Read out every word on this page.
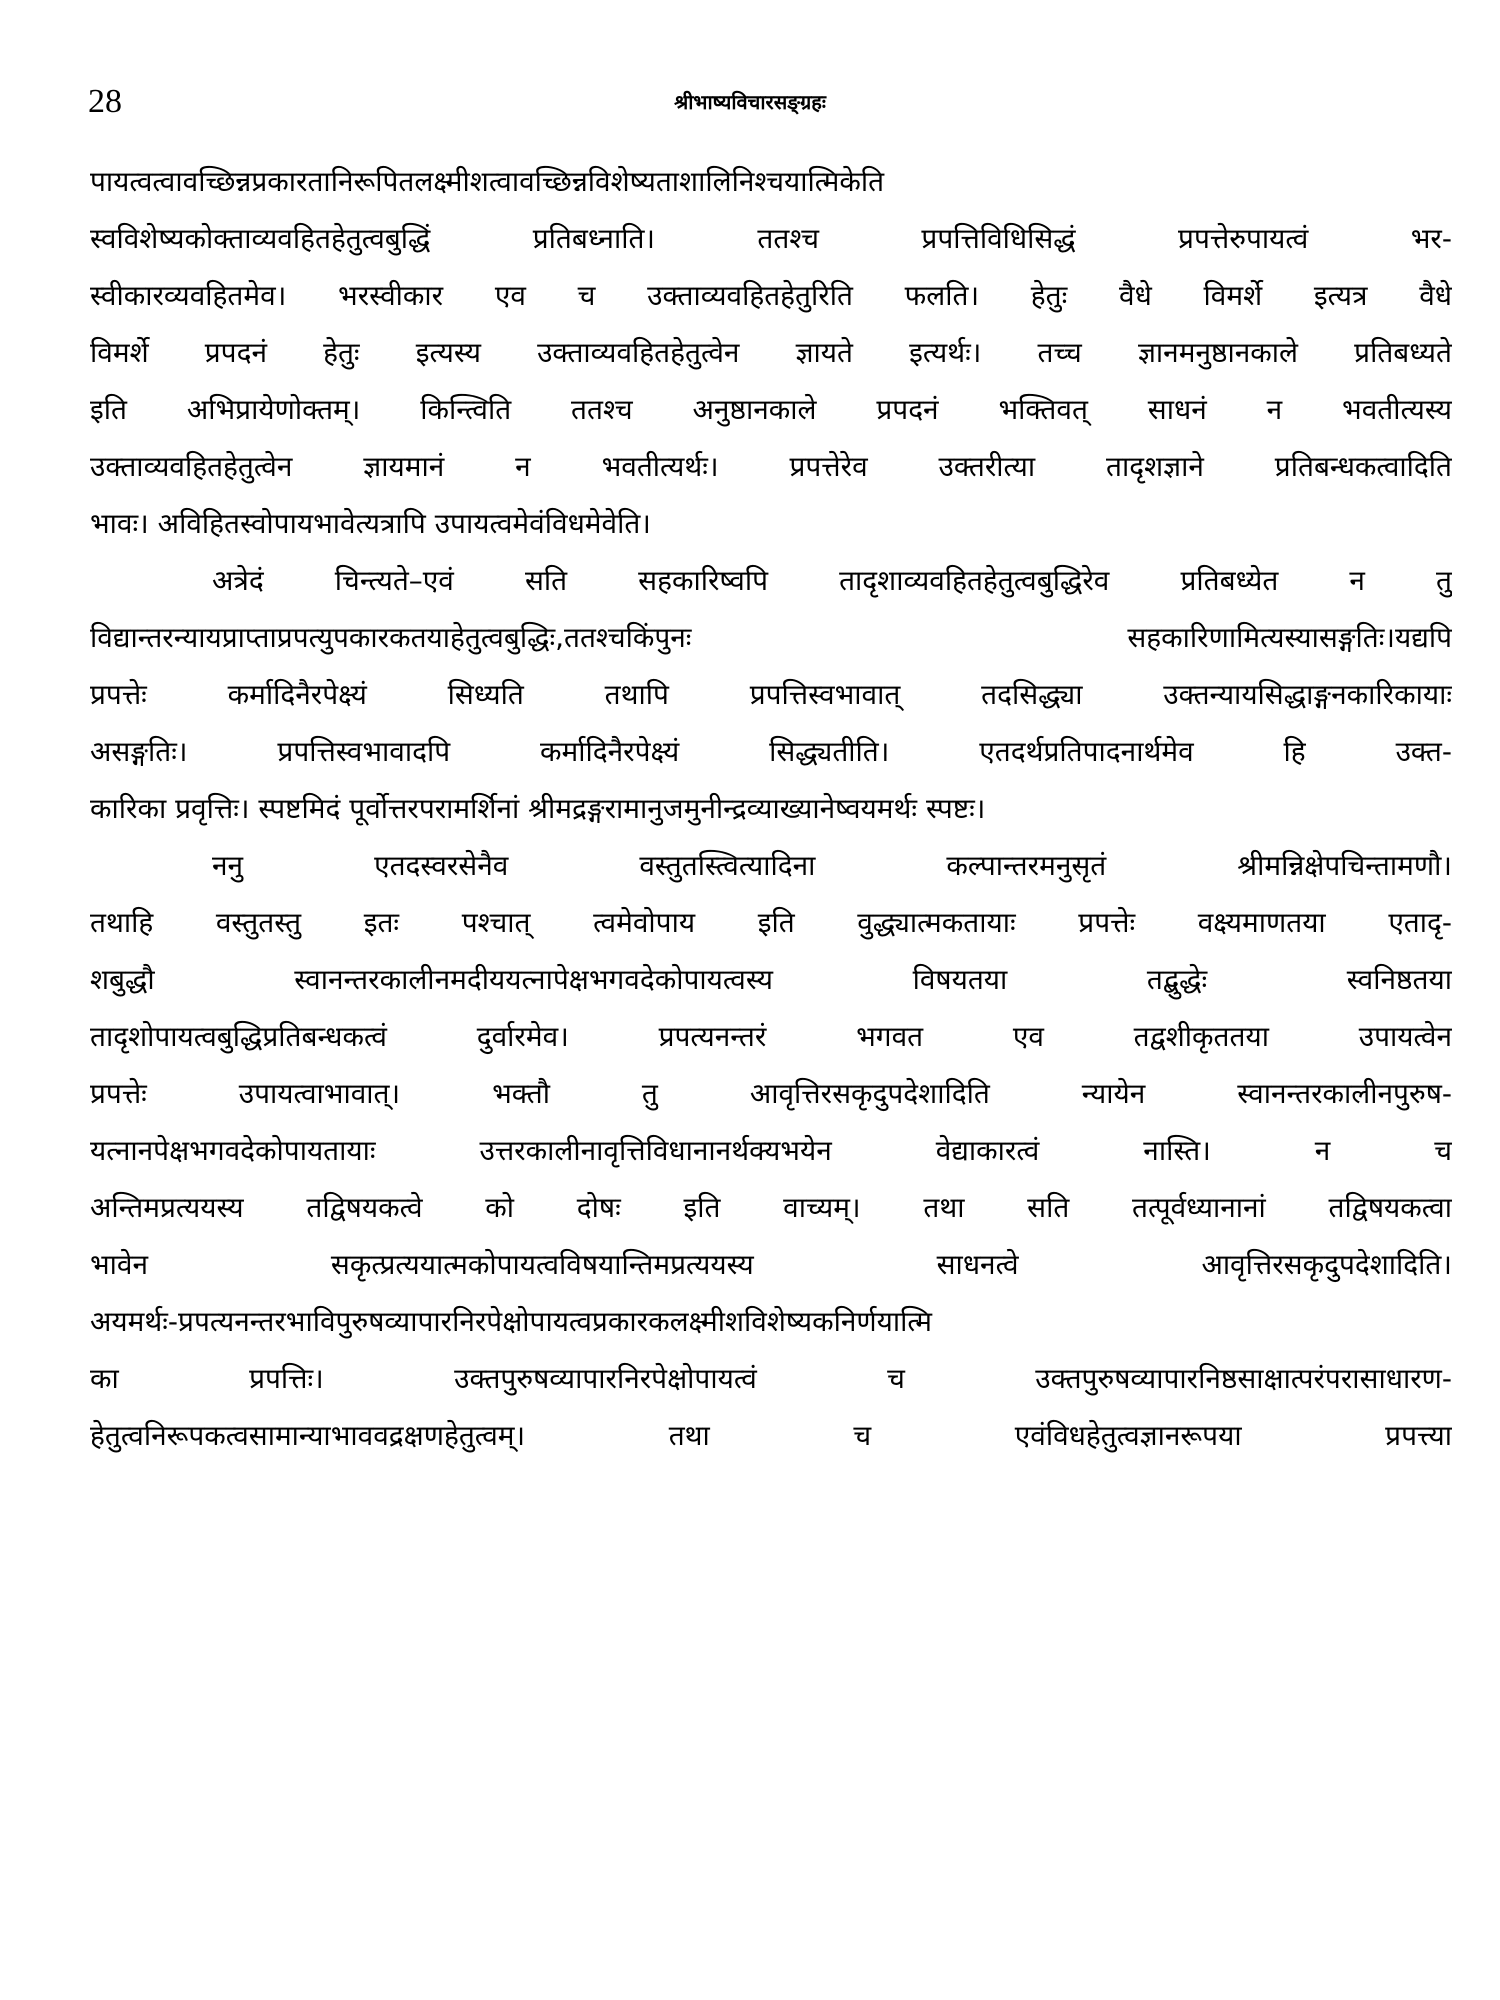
28	श्रीभाष्यविचारसङ्ग्रहः
पायत्वत्वावच्छिन्नप्रकारतानिरूपितलक्ष्मीशत्वावच्छिन्नविशेष्यताशालिनिश्चयात्मिकेति
स्वविशेष्यकोक्ताव्यवहितहेतुत्वबुद्धिं प्रतिबध्नाति। ततश्च प्रपत्तिविधिसिद्धं प्रपत्तेरुपायत्वं भर-
स्वीकारव्यवहितमेव। भरस्वीकार एव च उक्ताव्यवहितहेतुरिति फलति। हेतुः वैधे विमर्शे इत्यत्र वैधे
विमर्शे प्रपदनं हेतुः इत्यस्य उक्ताव्यवहितहेतुत्वेन ज्ञायते इत्यर्थः। तच्च ज्ञानमनुष्ठानकाले प्रतिबध्यते
इति अभिप्रायेणोक्तम्। किन्त्विति ततश्च अनुष्ठानकाले प्रपदनं भक्तिवत् साधनं न भवतीत्यस्य
उक्ताव्यवहितहेतुत्वेन ज्ञायमानं न भवतीत्यर्थः। प्रपत्तेरेव उक्तरीत्या तादृशज्ञाने प्रतिबन्धकत्वादिति
भावः। अविहितस्वोपायभावेत्यत्रापि उपायत्वमेवंविधमेवेति।
अत्रेदं चिन्त्यते–एवं सति सहकारिष्वपि तादृशाव्यवहितहेतुत्वबुद्धिरेव प्रतिबध्येत न तु
विद्यान्तरन्यायप्राप्ताप्रपत्युपकारकतयाहेतुत्वबुद्धिः,ततश्चकिंपुनः सहकारिणामित्यस्यासङ्गतिः।यद्यपि
प्रपत्तेः कर्मादिनैरपेक्ष्यं सिध्यति तथापि प्रपत्तिस्वभावात् तदसिद्ध्या उक्तन्यायसिद्धाङ्गनकारिकायाः
असङ्गतिः। प्रपत्तिस्वभावादपि कर्मादिनैरपेक्ष्यं सिद्ध्यतीति। एतदर्थप्रतिपादनार्थमेव हि उक्त-
कारिका प्रवृत्तिः। स्पष्टमिदं पूर्वोत्तरपरामर्शिनां श्रीमद्रङ्गरामानुजमुनीन्द्रव्याख्यानेष्वयमर्थः स्पष्टः।
ननु एतदस्वरसेनैव वस्तुतस्त्वित्यादिना कल्पान्तरमनुसृतं श्रीमन्निक्षेपचिन्तामणौ।
तथाहि वस्तुतस्तु इतः पश्चात् त्वमेवोपाय इति वुद्ध्यात्मकतायाः प्रपत्तेः वक्ष्यमाणतया एतादृ-
शबुद्धौ स्वानन्तरकालीनमदीययत्नापेक्षभगवदेकोपायत्वस्य विषयतया तद्बुद्धेः स्वनिष्ठतया
तादृशोपायत्वबुद्धिप्रतिबन्धकत्वं दुर्वारमेव। प्रपत्यनन्तरं भगवत एव तद्वशीकृततया उपायत्वेन
प्रपत्तेः उपायत्वाभावात्। भक्तौ तु आवृत्तिरसकृदुपदेशादिति न्यायेन स्वानन्तरकालीनपुरुष-
यत्नानपेक्षभगवदेकोपायतायाः उत्तरकालीनावृत्तिविधानानर्थक्यभयेन वेद्याकारत्वं नास्ति। न च
अन्तिमप्रत्ययस्य तद्विषयकत्वे को दोषः इति वाच्यम्। तथा सति तत्पूर्वध्यानानां तद्विषयकत्वा
भावेन सकृत्प्रत्ययात्मकोपायत्वविषयान्तिमप्रत्ययस्य साधनत्वे आवृत्तिरसकृदुपदेशादिति।
अयमर्थः-प्रपत्यनन्तरभाविपुरुषव्यापारनिरपेक्षोपायत्वप्रकारकलक्ष्मीशविशेष्यकनिर्णयात्मि
का प्रपत्तिः। उक्तपुरुषव्यापारनिरपेक्षोपायत्वं च उक्तपुरुषव्यापारनिष्ठसाक्षात्परंपरासाधारण-
हेतुत्वनिरूपकत्वसामान्याभाववद्रक्षणहेतुत्वम्। तथा च एवंविधहेतुत्वज्ञानरूपया प्रपत्त्या
